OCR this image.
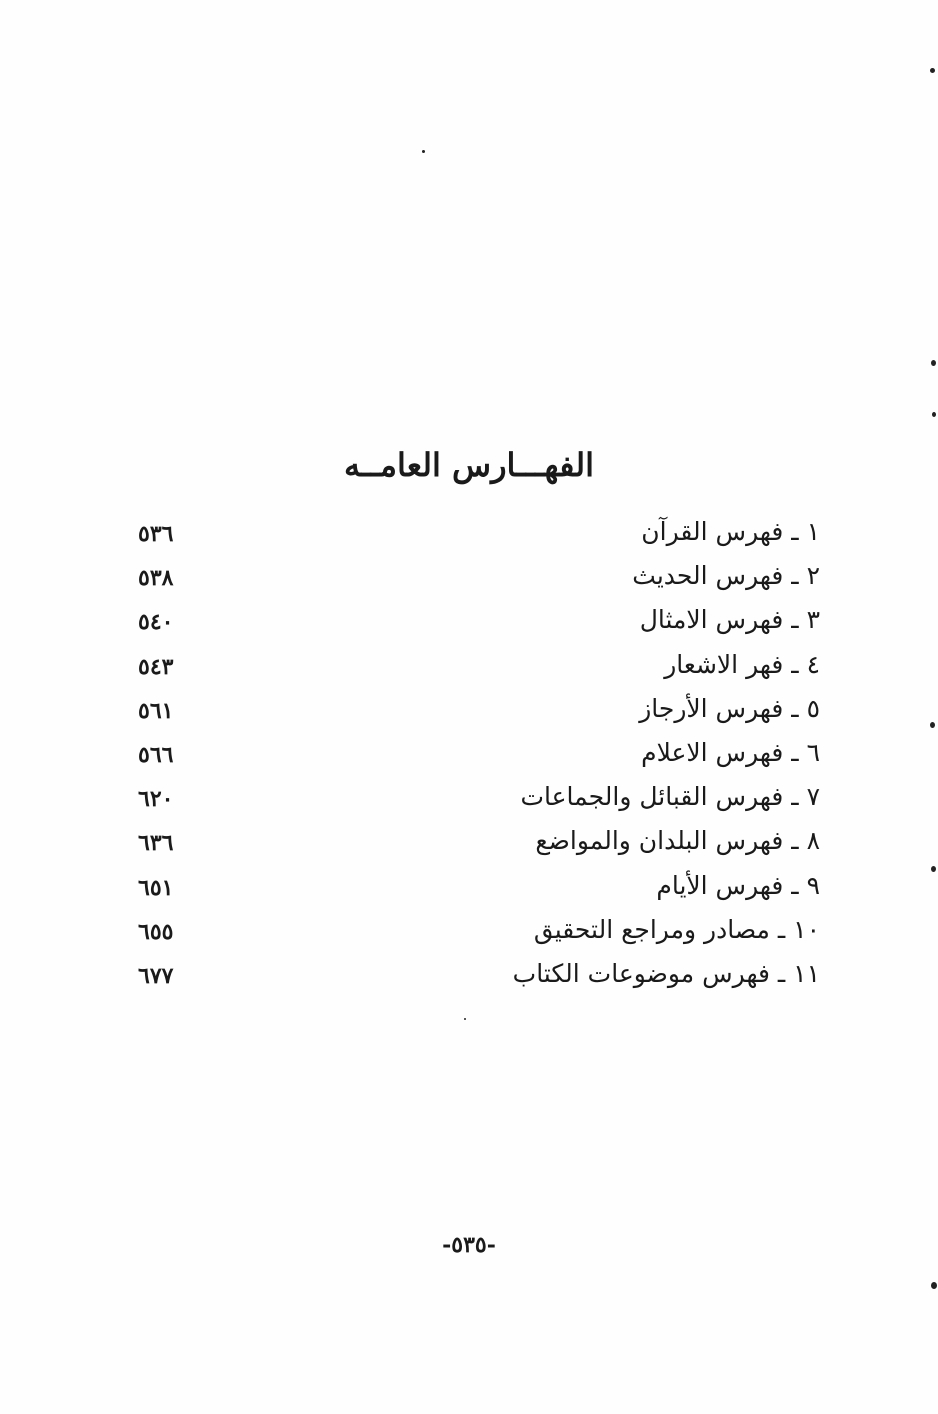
الفهـــارس العامــه
١ ـ فهرس القرآن
٥٣٦
٢ ـ فهرس الحديث
٥٣٨
٣ ـ فهرس الامثال
٥٤٠
٤ ـ فهر الاشعار
٥٤٣
٥ ـ فهرس الأرجاز
٥٦١
٦ ـ فهرس الاعلام
٥٦٦
٧ ـ فهرس القبائل والجماعات
٦٢٠
٨ ـ فهرس البلدان والمواضع
٦٣٦
٩ ـ فهرس الأيام
٦٥١
١٠ ـ مصادر ومراجع التحقيق
٦٥٥
١١ ـ فهرس موضوعات الكتاب
٦٧٧
-٥٣٥-
